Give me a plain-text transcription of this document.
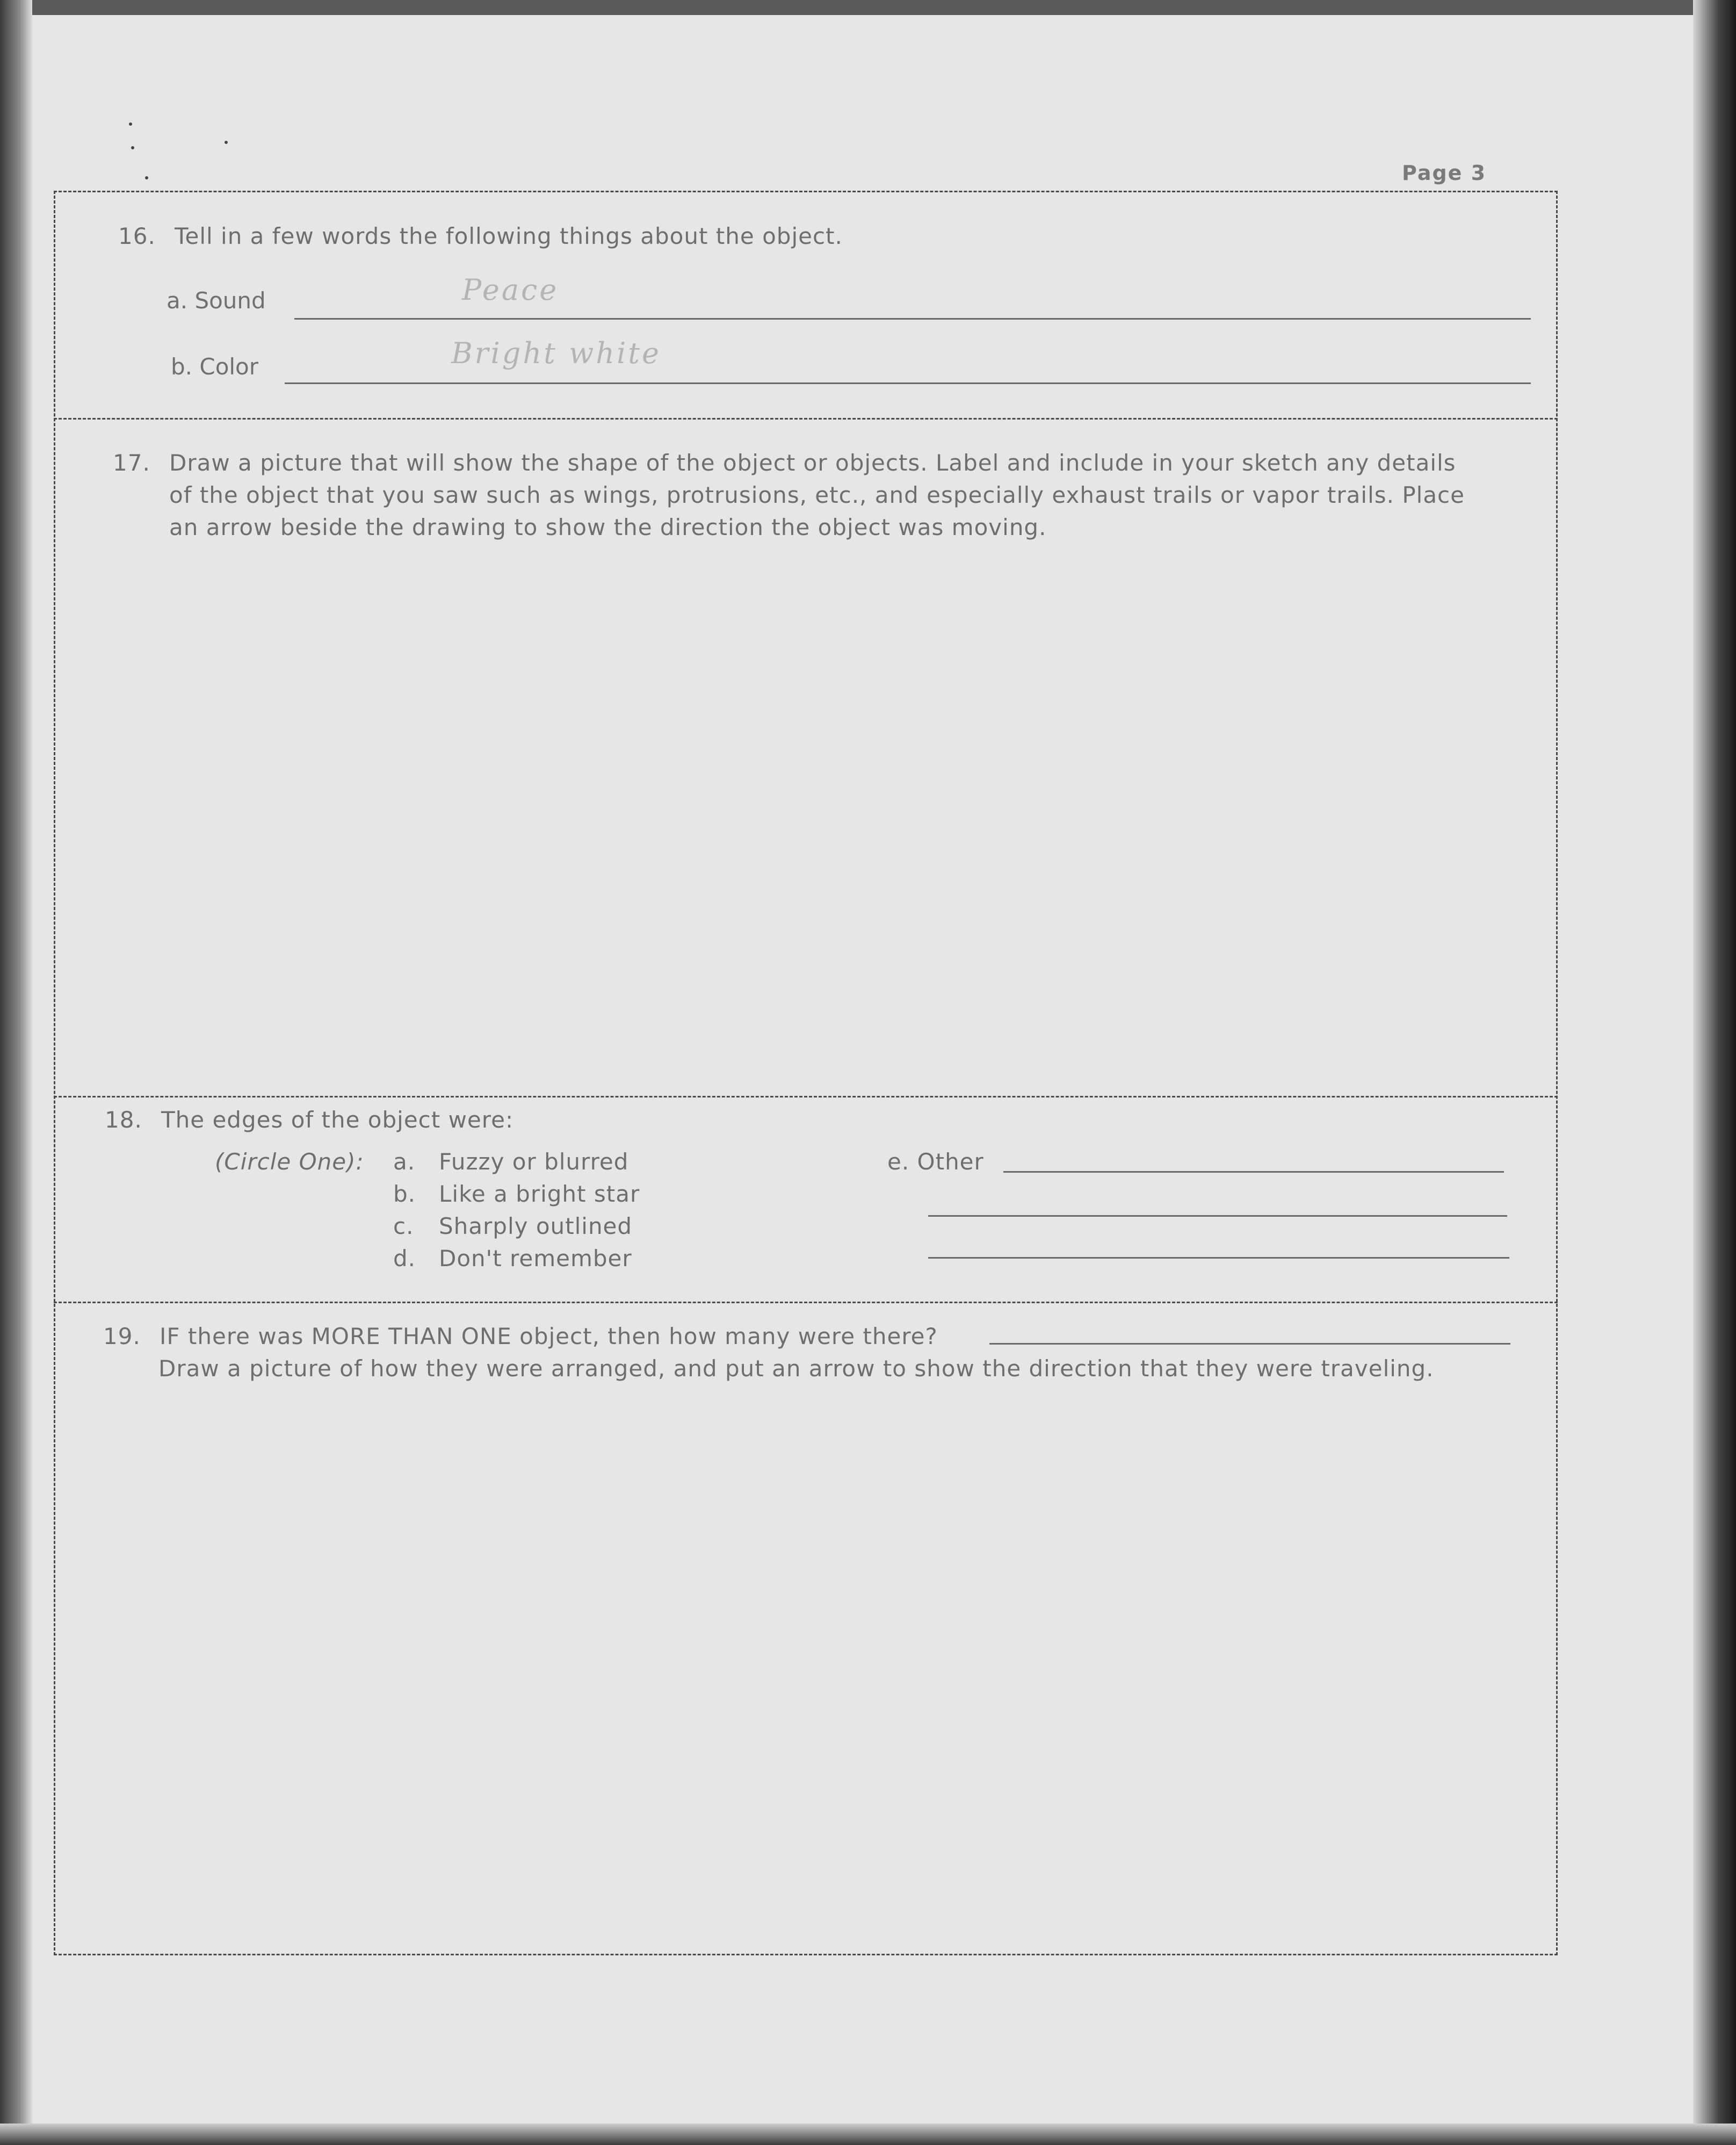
Page 3
16. Tell in a few words the following things about the object.
a. Sound	Peace
b. Color	Bright white
17. Draw a picture that will show the shape of the object or objects. Label and include in your sketch any details
of the object that you saw such as wings, protrusions, etc., and especially exhaust trails or vapor trails. Place
an arrow beside the drawing to show the direction the object was moving.
18. The edges of the object were:
(Circle One): a. Fuzzy or blurred
b. Like a bright star
c. Sharply outlined
d. Don't remember
e. Other
19. IF there was MORE THAN ONE object, then how many were there?
Draw a picture of how they were arranged, and put an arrow to show the direction that they were traveling.
